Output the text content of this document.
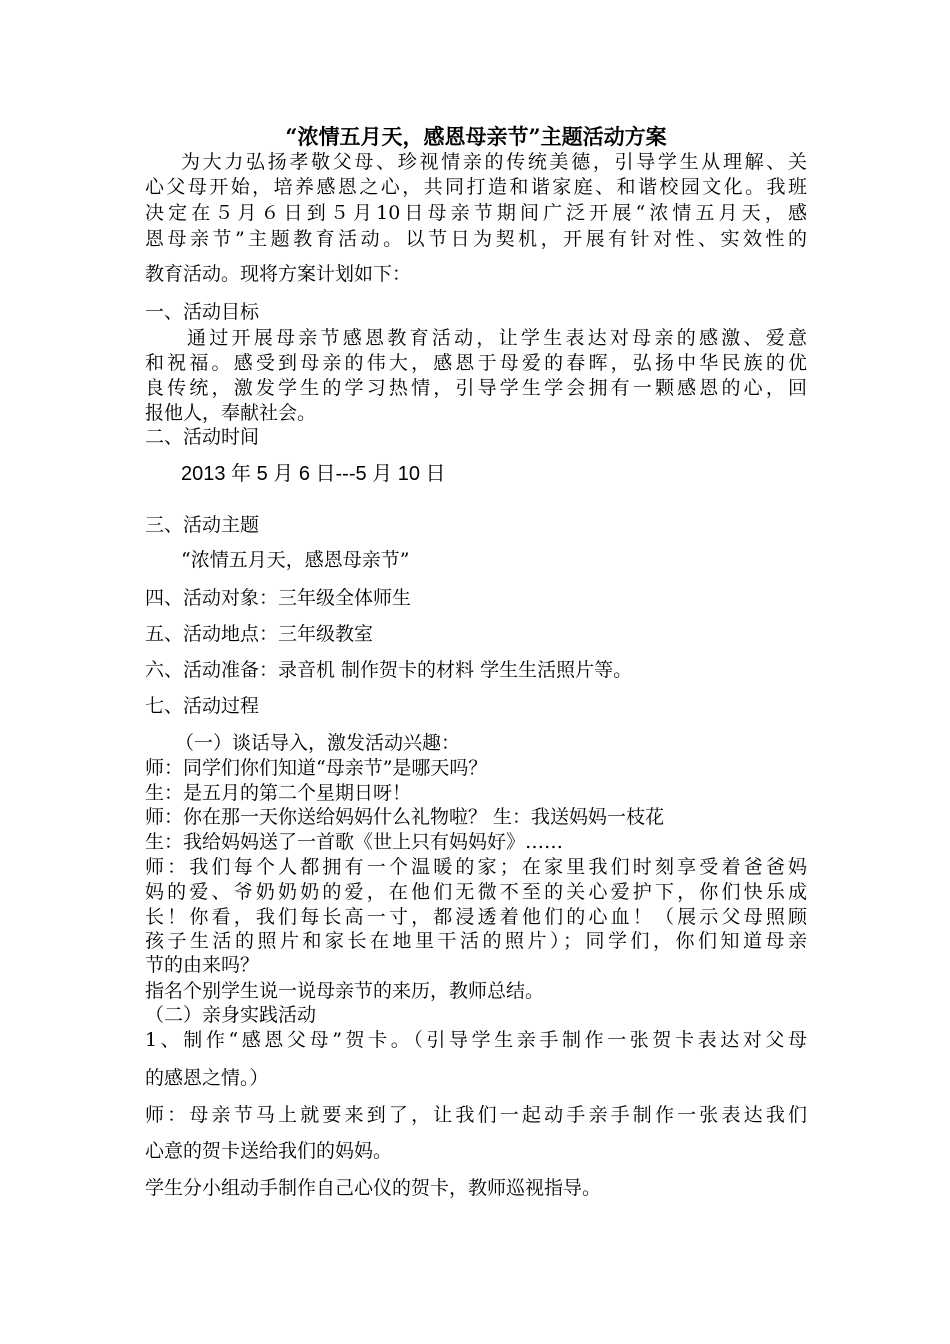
“浓情五月天，感恩母亲节”主题活动方案
为大力弘扬孝敬父母、珍视情亲的传统美德，引导学生从理解、关
心父母开始，培养感恩之心，共同打造和谐家庭、和谐校园文化。我班
决定在５月６日到５月10日母亲节期间广泛开展“浓情五月天，感
恩母亲节”主题教育活动。以节日为契机，开展有针对性、实效性的
教育活动。现将方案计划如下：
一、活动目标
通过开展母亲节感恩教育活动，让学生表达对母亲的感激、爱意
和祝福。感受到母亲的伟大，感恩于母爱的春晖，弘扬中华民族的优
良传统，激发学生的学习热情，引导学生学会拥有一颗感恩的心，回
报他人，奉献社会。
二、活动时间
2013 年 5 月 6 日---5 月 10 日
三、活动主题
“浓情五月天，感恩母亲节”
四、活动对象：三年级全体师生
五、活动地点：三年级教室
六、活动准备：录音机 制作贺卡的材料 学生生活照片等。
七、活动过程
（一）谈话导入，激发活动兴趣：
师：同学们你们知道“母亲节”是哪天吗？
生：是五月的第二个星期日呀！
师：你在那一天你送给妈妈什么礼物啦？ 生：我送妈妈一枝花
生：我给妈妈送了一首歌《世上只有妈妈好》……
师：我们每个人都拥有一个温暖的家；在家里我们时刻享受着爸爸妈
妈的爱、爷奶奶奶的爱，在他们无微不至的关心爱护下，你们快乐成
长！你看，我们每长高一寸，都浸透着他们的心血！（展示父母照顾
孩子生活的照片和家长在地里干活的照片）；同学们，你们知道母亲
节的由来吗？
指名个别学生说一说母亲节的来历，教师总结。
（二）亲身实践活动
1、制作“感恩父母”贺卡。（引导学生亲手制作一张贺卡表达对父母
的感恩之情。）
师：母亲节马上就要来到了，让我们一起动手亲手制作一张表达我们
心意的贺卡送给我们的妈妈。
学生分小组动手制作自己心仪的贺卡，教师巡视指导。
